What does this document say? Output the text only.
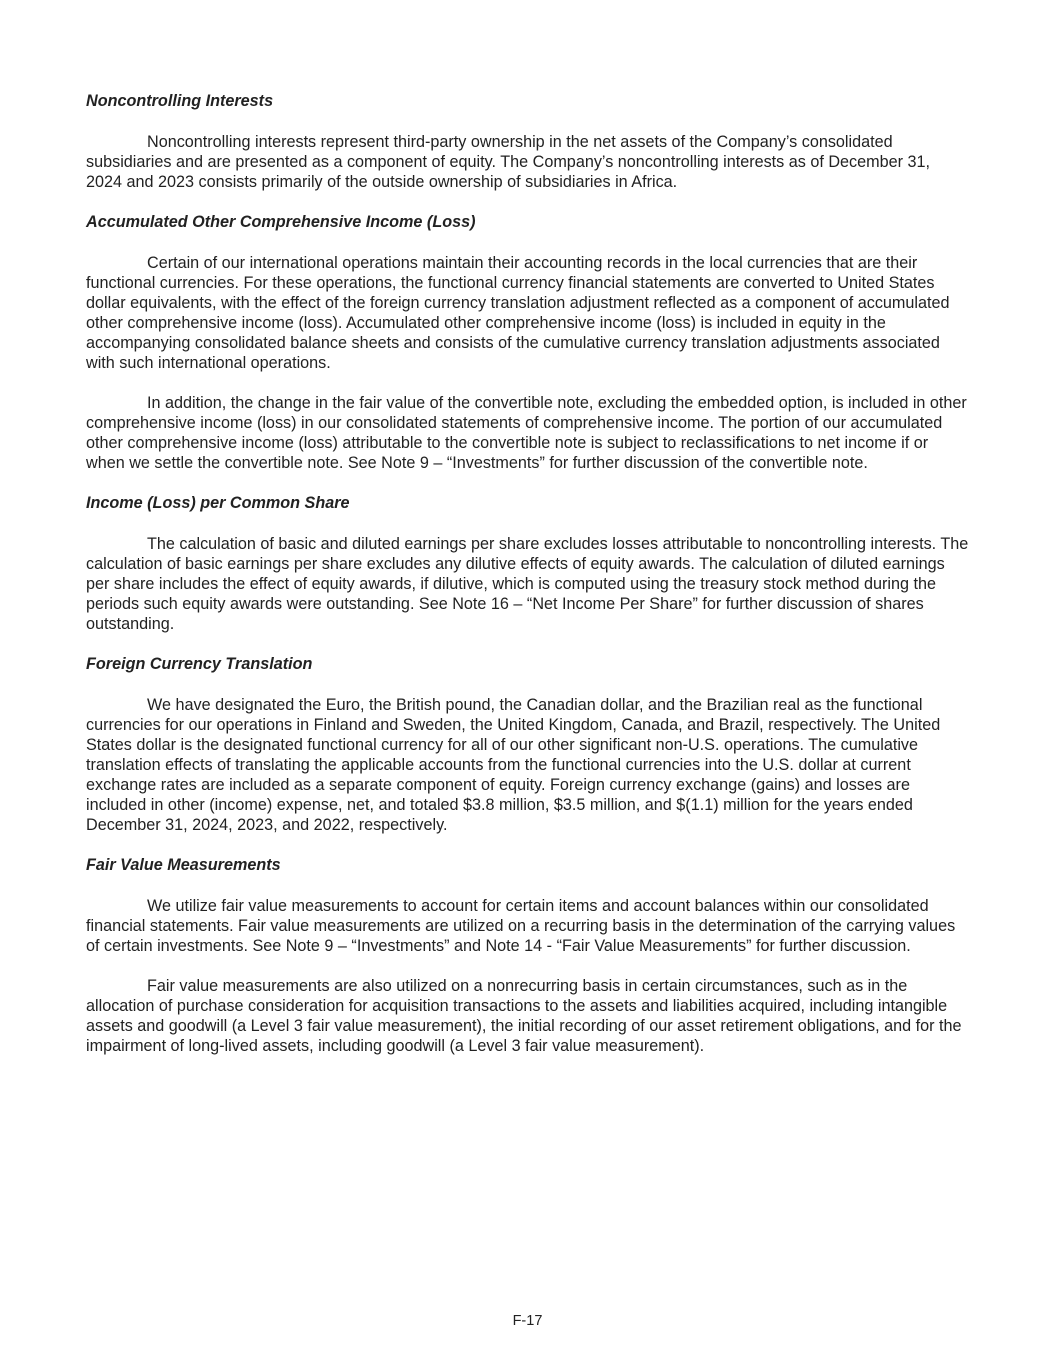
Noncontrolling Interests

Noncontrolling interests represent third-party ownership in the net assets of the Company’s consolidated subsidiaries and are presented as a component of equity. The Company’s noncontrolling interests as of December 31, 2024 and 2023 consists primarily of the outside ownership of subsidiaries in Africa.

Accumulated Other Comprehensive Income (Loss)

Certain of our international operations maintain their accounting records in the local currencies that are their functional currencies. For these operations, the functional currency financial statements are converted to United States dollar equivalents, with the effect of the foreign currency translation adjustment reflected as a component of accumulated other comprehensive income (loss). Accumulated other comprehensive income (loss) is included in equity in the accompanying consolidated balance sheets and consists of the cumulative currency translation adjustments associated with such international operations.

In addition, the change in the fair value of the convertible note, excluding the embedded option, is included in other comprehensive income (loss) in our consolidated statements of comprehensive income. The portion of our accumulated other comprehensive income (loss) attributable to the convertible note is subject to reclassifications to net income if or when we settle the convertible note. See Note 9 – “Investments” for further discussion of the convertible note.

Income (Loss) per Common Share

The calculation of basic and diluted earnings per share excludes losses attributable to noncontrolling interests. The calculation of basic earnings per share excludes any dilutive effects of equity awards. The calculation of diluted earnings per share includes the effect of equity awards, if dilutive, which is computed using the treasury stock method during the periods such equity awards were outstanding. See Note 16 – “Net Income Per Share” for further discussion of shares outstanding.

Foreign Currency Translation

We have designated the Euro, the British pound, the Canadian dollar, and the Brazilian real as the functional currencies for our operations in Finland and Sweden, the United Kingdom, Canada, and Brazil, respectively. The United States dollar is the designated functional currency for all of our other significant non-U.S. operations. The cumulative translation effects of translating the applicable accounts from the functional currencies into the U.S. dollar at current exchange rates are included as a separate component of equity. Foreign currency exchange (gains) and losses are included in other (income) expense, net, and totaled $3.8 million, $3.5 million, and $(1.1) million for the years ended December 31, 2024, 2023, and 2022, respectively.

Fair Value Measurements

We utilize fair value measurements to account for certain items and account balances within our consolidated financial statements. Fair value measurements are utilized on a recurring basis in the determination of the carrying values of certain investments. See Note 9 – “Investments” and Note 14 - “Fair Value Measurements” for further discussion.

Fair value measurements are also utilized on a nonrecurring basis in certain circumstances, such as in the allocation of purchase consideration for acquisition transactions to the assets and liabilities acquired, including intangible assets and goodwill (a Level 3 fair value measurement), the initial recording of our asset retirement obligations, and for the impairment of long-lived assets, including goodwill (a Level 3 fair value measurement).

F-17
